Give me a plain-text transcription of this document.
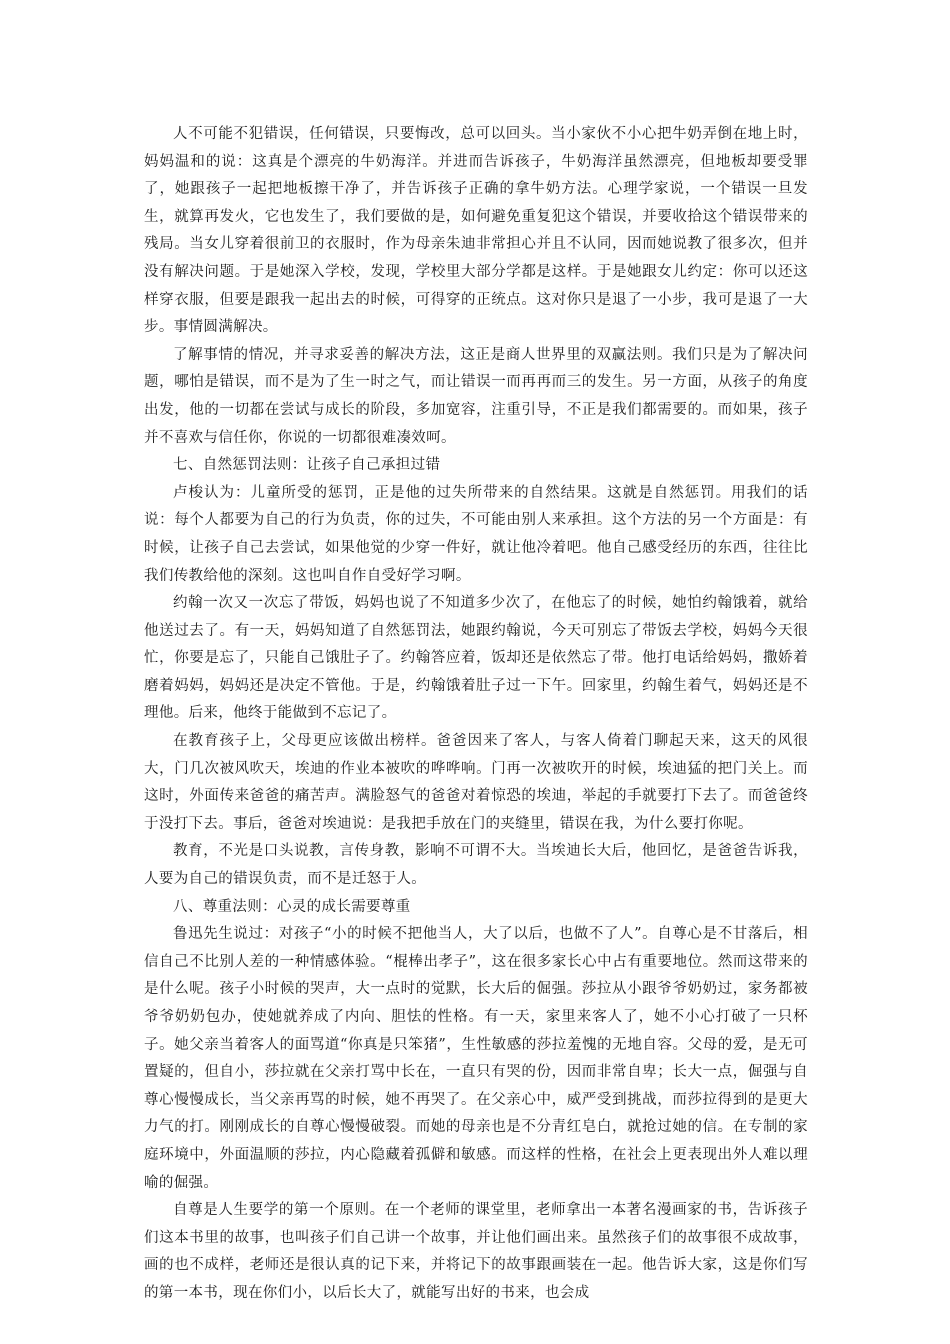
人不可能不犯错误，任何错误，只要悔改，总可以回头。当小家伙不小心把牛奶弄倒在地上时，妈妈温和的说：这真是个漂亮的牛奶海洋。并进而告诉孩子，牛奶海洋虽然漂亮，但地板却要受罪了，她跟孩子一起把地板擦干净了，并告诉孩子正确的拿牛奶方法。心理学家说，一个错误一旦发生，就算再发火，它也发生了，我们要做的是，如何避免重复犯这个错误，并要收拾这个错误带来的残局。当女儿穿着很前卫的衣服时，作为母亲朱迪非常担心并且不认同，因而她说教了很多次，但并没有解决问题。于是她深入学校，发现，学校里大部分学都是这样。于是她跟女儿约定：你可以还这样穿衣服，但要是跟我一起出去的时候，可得穿的正统点。这对你只是退了一小步，我可是退了一大步。事情圆满解决。

了解事情的情况，并寻求妥善的解决方法，这正是商人世界里的双赢法则。我们只是为了解决问题，哪怕是错误，而不是为了生一时之气，而让错误一而再再而三的发生。另一方面，从孩子的角度出发，他的一切都在尝试与成长的阶段，多加宽容，注重引导，不正是我们都需要的。而如果，孩子并不喜欢与信任你，你说的一切都很难凑效呵。

七、自然惩罚法则：让孩子自己承担过错

卢梭认为：儿童所受的惩罚，正是他的过失所带来的自然结果。这就是自然惩罚。用我们的话说：每个人都要为自己的行为负责，你的过失，不可能由别人来承担。这个方法的另一个方面是：有时候，让孩子自己去尝试，如果他觉的少穿一件好，就让他冷着吧。他自己感受经历的东西，往往比我们传教给他的深刻。这也叫自作自受好学习啊。

约翰一次又一次忘了带饭，妈妈也说了不知道多少次了，在他忘了的时候，她怕约翰饿着，就给他送过去了。有一天，妈妈知道了自然惩罚法，她跟约翰说，今天可别忘了带饭去学校，妈妈今天很忙，你要是忘了，只能自己饿肚子了。约翰答应着，饭却还是依然忘了带。他打电话给妈妈，撒娇着磨着妈妈，妈妈还是决定不管他。于是，约翰饿着肚子过一下午。回家里，约翰生着气，妈妈还是不理他。后来，他终于能做到不忘记了。

在教育孩子上，父母更应该做出榜样。爸爸因来了客人，与客人倚着门聊起天来，这天的风很大，门几次被风吹天，埃迪的作业本被吹的哗哗响。门再一次被吹开的时候，埃迪猛的把门关上。而这时，外面传来爸爸的痛苦声。满脸怒气的爸爸对着惊恐的埃迪，举起的手就要打下去了。而爸爸终于没打下去。事后，爸爸对埃迪说：是我把手放在门的夹缝里，错误在我，为什么要打你呢。

教育，不光是口头说教，言传身教，影响不可谓不大。当埃迪长大后，他回忆，是爸爸告诉我，人要为自己的错误负责，而不是迁怒于人。

八、尊重法则：心灵的成长需要尊重

鲁迅先生说过：对孩子“小的时候不把他当人，大了以后，也做不了人”。自尊心是不甘落后，相信自己不比别人差的一种情感体验。“棍棒出孝子”，这在很多家长心中占有重要地位。然而这带来的是什么呢。孩子小时候的哭声，大一点时的觉默，长大后的倔强。莎拉从小跟爷爷奶奶过，家务都被爷爷奶奶包办，使她就养成了内向、胆怯的性格。有一天，家里来客人了，她不小心打破了一只杯子。她父亲当着客人的面骂道“你真是只笨猪”，生性敏感的莎拉羞愧的无地自容。父母的爱，是无可置疑的，但自小，莎拉就在父亲打骂中长在，一直只有哭的份，因而非常自卑；长大一点，倔强与自尊心慢慢成长，当父亲再骂的时候，她不再哭了。在父亲心中，威严受到挑战，而莎拉得到的是更大力气的打。刚刚成长的自尊心慢慢破裂。而她的母亲也是不分青红皂白，就抢过她的信。在专制的家庭环境中，外面温顺的莎拉，内心隐藏着孤僻和敏感。而这样的性格，在社会上更表现出外人难以理喻的倔强。

自尊是人生要学的第一个原则。在一个老师的课堂里，老师拿出一本著名漫画家的书，告诉孩子们这本书里的故事，也叫孩子们自己讲一个故事，并让他们画出来。虽然孩子们的故事很不成故事，画的也不成样，老师还是很认真的记下来，并将记下的故事跟画装在一起。他告诉大家，这是你们写的第一本书，现在你们小，以后长大了，就能写出好的书来，也会成
